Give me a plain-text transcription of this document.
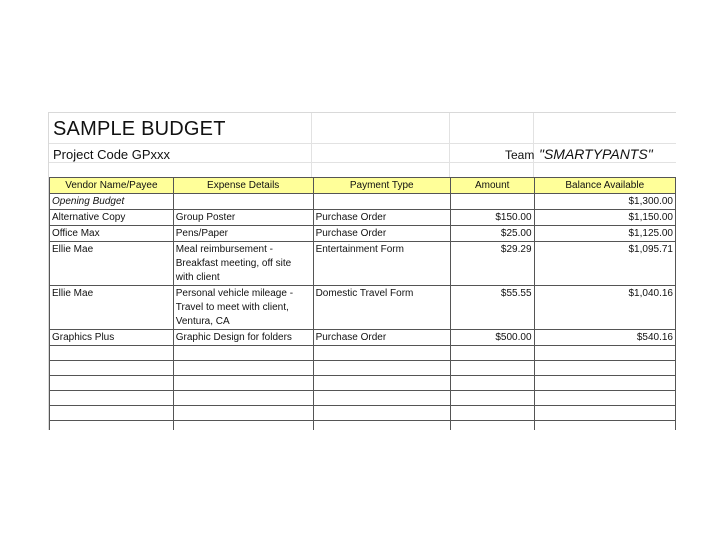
SAMPLE BUDGET
Project Code GPxxx	Team "SMARTYPANTS"
Vendor Name/Payee	Expense Details	Payment Type	Amount	Balance Available
Opening Budget				$1,300.00
Alternative Copy	Group Poster	Purchase Order	$150.00	$1,150.00
Office Max	Pens/Paper	Purchase Order	$25.00	$1,125.00
Ellie Mae	Meal reimbursement -
Breakfast meeting, off site
with client	Entertainment Form	$29.29	$1,095.71
Ellie Mae	Personal vehicle mileage -
Travel to meet with client,
Ventura, CA	Domestic Travel Form	$55.55	$1,040.16
Graphics Plus	Graphic Design for folders	Purchase Order	$500.00	$540.16
